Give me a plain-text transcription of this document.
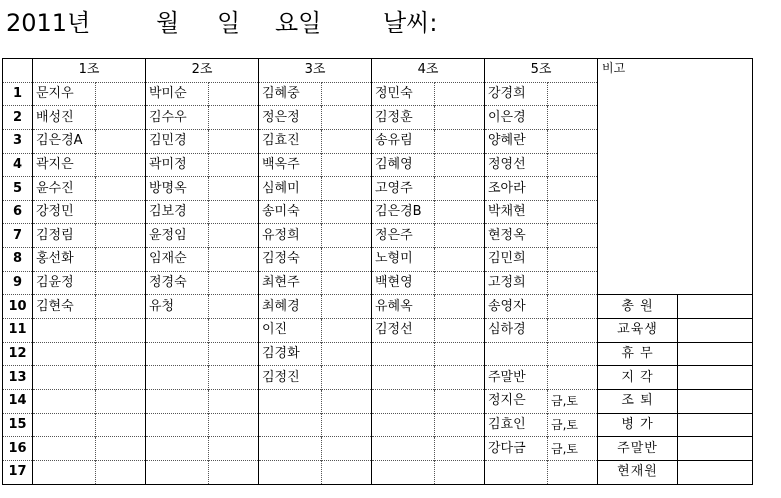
2011년	월 일 요일	날씨:
	1조		2조		3조		4조		5조		비고	
1	문지우		박미순		김혜중		정민숙		강경희			
2	배성진		김수우		정은정		김정훈		이은경			
3	김은경A		김민경		김효진		송유림		양혜란			
4	곽지은		곽미정		백옥주		김혜영		정영선			
5	윤수진		방명옥		심혜미		고영주		조아라			
6	강정민		김보경		송미숙		김은경B		박채현			
7	김정림		윤정임		유정희		정은주		현정옥			
8	홍선화		임재순		김정숙		노형미		김민희			
9	김윤정		정경숙		최현주		백현영		고정희			
10	김현숙		유청		최혜경		유혜옥		송영자		총 원	
11					이진		김정선		심하경		교육생	
12					김경화						휴 무	
13					김정진				주말반		지 각	
14									정지은	금,토	조 퇴	
15									김효인	금,토	병 가	
16									강다금	금,토	주말반	
17											현재원	
